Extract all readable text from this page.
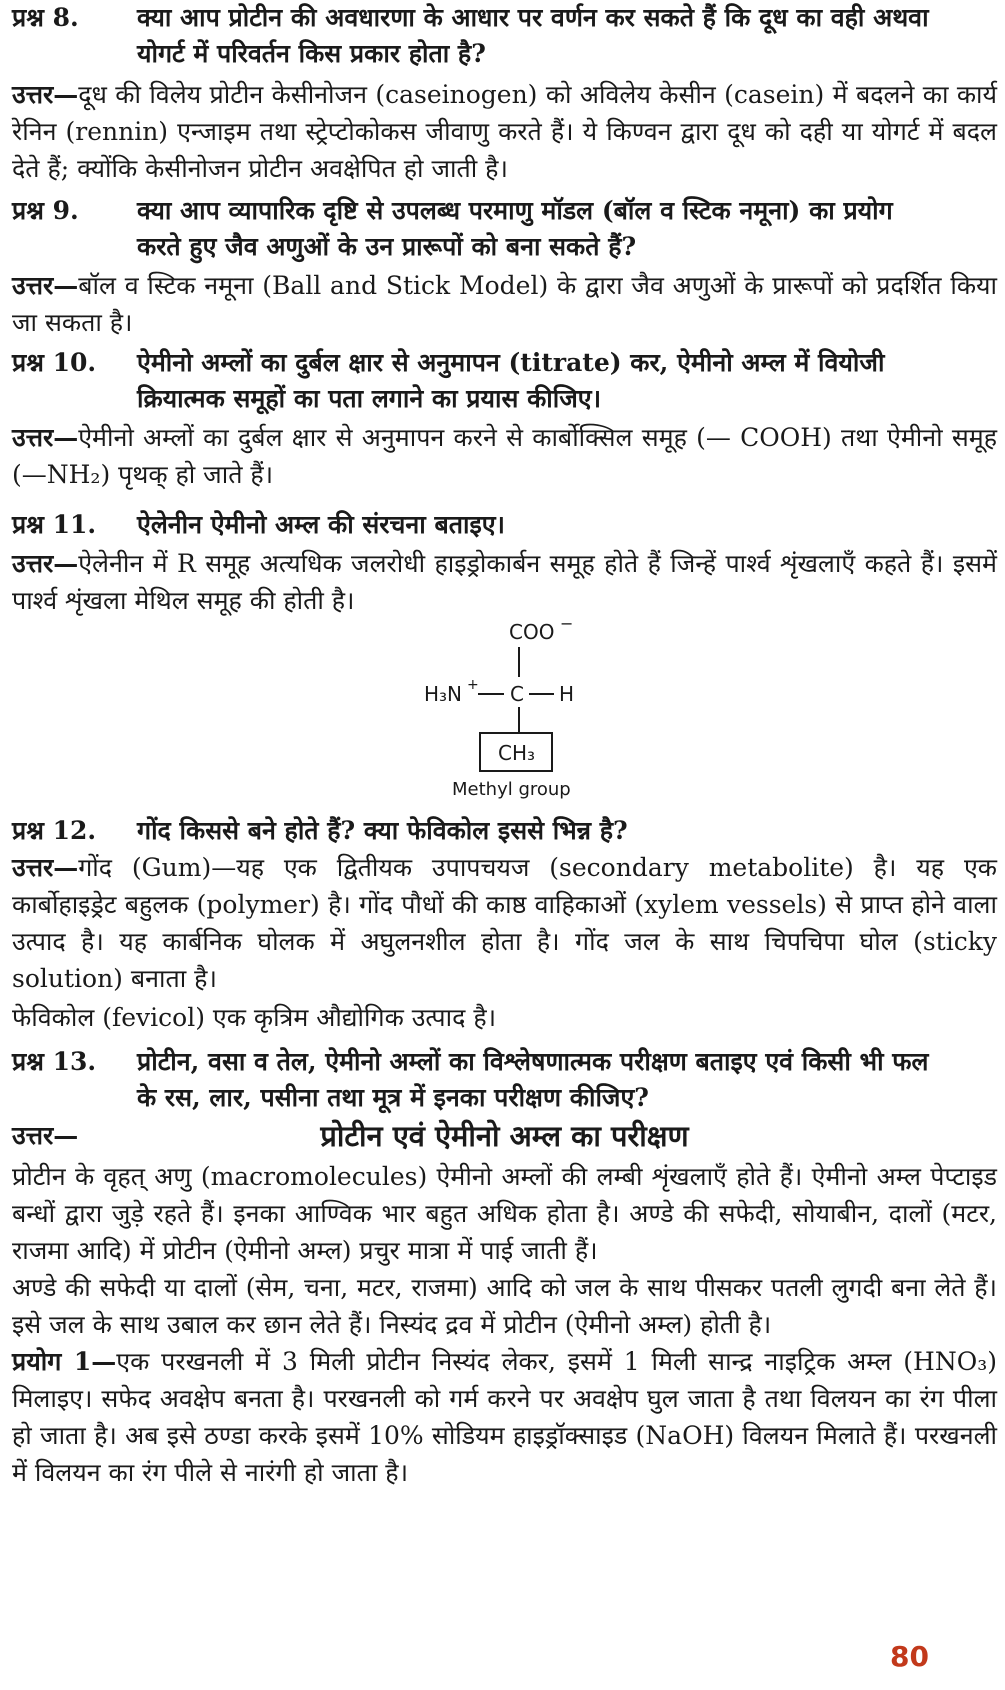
प्रश्न 8. क्या आप प्रोटीन की अवधारणा के आधार पर वर्णन कर सकते हैं कि दूध का वही अथवा
योगर्ट में परिवर्तन किस प्रकार होता है?

उत्तर—दूध की विलेय प्रोटीन केसीनोजन (caseinogen) को अविलेय केसीन (casein) में बदलने का कार्य रेनिन (rennin) एन्जाइम तथा स्ट्रेप्टोकोकस जीवाणु करते हैं। ये किण्वन द्वारा दूध को दही या योगर्ट में बदल देते हैं; क्योंकि केसीनोजन प्रोटीन अवक्षेपित हो जाती है।

प्रश्न 9. क्या आप व्यापारिक दृष्टि से उपलब्ध परमाणु मॉडल (बॉल व स्टिक नमूना) का प्रयोग
करते हुए जैव अणुओं के उन प्रारूपों को बना सकते हैं?

उत्तर—बॉल व स्टिक नमूना (Ball and Stick Model) के द्वारा जैव अणुओं के प्रारूपों को प्रदर्शित किया जा सकता है।

प्रश्न 10. ऐमीनो अम्लों का दुर्बल क्षार से अनुमापन (titrate) कर, ऐमीनो अम्ल में वियोजी
क्रियात्मक समूहों का पता लगाने का प्रयास कीजिए।

उत्तर—ऐमीनो अम्लों का दुर्बल क्षार से अनुमापन करने से कार्बोक्सिल समूह (— COOH) तथा ऐमीनो समूह (—NH₂) पृथक् हो जाते हैं।

प्रश्न 11. ऐलेनीन ऐमीनो अम्ल की संरचना बताइए।

उत्तर—ऐलेनीन में R समूह अत्यधिक जलरोधी हाइड्रोकार्बन समूह होते हैं जिन्हें पार्श्व शृंखलाएँ कहते हैं। इसमें पार्श्व शृंखला मेथिल समूह की होती है।

COO −
H₃N + C H
CH₃
Methyl group

प्रश्न 12. गोंद किससे बने होते हैं? क्या फेविकोल इससे भिन्न है?

उत्तर—गोंद (Gum)—यह एक द्वितीयक उपापचयज (secondary metabolite) है। यह एक कार्बोहाइड्रेट बहुलक (polymer) है। गोंद पौधों की काष्ठ वाहिकाओं (xylem vessels) से प्राप्त होने वाला उत्पाद है। यह कार्बनिक घोलक में अघुलनशील होता है। गोंद जल के साथ चिपचिपा घोल (sticky solution) बनाता है।

फेविकोल (fevicol) एक कृत्रिम औद्योगिक उत्पाद है।

प्रश्न 13. प्रोटीन, वसा व तेल, ऐमीनो अम्लों का विश्लेषणात्मक परीक्षण बताइए एवं किसी भी फल
के रस, लार, पसीना तथा मूत्र में इनका परीक्षण कीजिए?

उत्तर—	प्रोटीन एवं ऐमीनो अम्ल का परीक्षण

प्रोटीन के वृहत् अणु (macromolecules) ऐमीनो अम्लों की लम्बी शृंखलाएँ होते हैं। ऐमीनो अम्ल पेप्टाइड बन्धों द्वारा जुड़े रहते हैं। इनका आण्विक भार बहुत अधिक होता है। अण्डे की सफेदी, सोयाबीन, दालों (मटर, राजमा आदि) में प्रोटीन (ऐमीनो अम्ल) प्रचुर मात्रा में पाई जाती हैं।

अण्डे की सफेदी या दालों (सेम, चना, मटर, राजमा) आदि को जल के साथ पीसकर पतली लुगदी बना लेते हैं। इसे जल के साथ उबाल कर छान लेते हैं। निस्यंद द्रव में प्रोटीन (ऐमीनो अम्ल) होती है।

प्रयोग 1—एक परखनली में 3 मिली प्रोटीन निस्यंद लेकर, इसमें 1 मिली सान्द्र नाइट्रिक अम्ल (HNO₃) मिलाइए। सफेद अवक्षेप बनता है। परखनली को गर्म करने पर अवक्षेप घुल जाता है तथा विलयन का रंग पीला हो जाता है। अब इसे ठण्डा करके इसमें 10% सोडियम हाइड्रॉक्साइड (NaOH) विलयन मिलाते हैं। परखनली में विलयन का रंग पीले से नारंगी हो जाता है।

80
